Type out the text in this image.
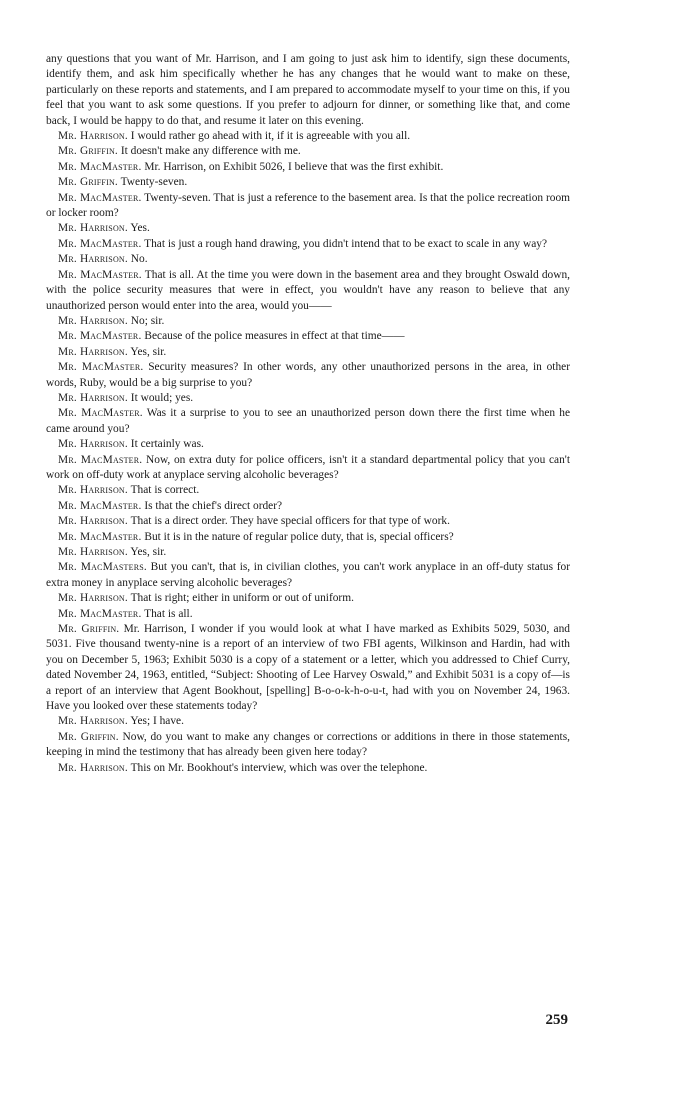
any questions that you want of Mr. Harrison, and I am going to just ask him to identify, sign these documents, identify them, and ask him specifically whether he has any changes that he would want to make on these, particularly on these reports and statements, and I am prepared to accommodate myself to your time on this, if you feel that you want to ask some questions. If you prefer to adjourn for dinner, or something like that, and come back, I would be happy to do that, and resume it later on this evening.

Mr. Harrison. I would rather go ahead with it, if it is agreeable with you all.

Mr. Griffin. It doesn't make any difference with me.

Mr. MacMaster. Mr. Harrison, on Exhibit 5026, I believe that was the first exhibit.

Mr. Griffin. Twenty-seven.

Mr. MacMaster. Twenty-seven. That is just a reference to the basement area. Is that the police recreation room or locker room?

Mr. Harrison. Yes.

Mr. MacMaster. That is just a rough hand drawing, you didn't intend that to be exact to scale in any way?

Mr. Harrison. No.

Mr. MacMaster. That is all. At the time you were down in the basement area and they brought Oswald down, with the police security measures that were in effect, you wouldn't have any reason to believe that any unauthorized person would enter into the area, would you——

Mr. Harrison. No; sir.

Mr. MacMaster. Because of the police measures in effect at that time——

Mr. Harrison. Yes, sir.

Mr. MacMaster. Security measures? In other words, any other unauthorized persons in the area, in other words, Ruby, would be a big surprise to you?

Mr. Harrison. It would; yes.

Mr. MacMaster. Was it a surprise to you to see an unauthorized person down there the first time when he came around you?

Mr. Harrison. It certainly was.

Mr. MacMaster. Now, on extra duty for police officers, isn't it a standard departmental policy that you can't work on off-duty work at anyplace serving alcoholic beverages?

Mr. Harrison. That is correct.

Mr. MacMaster. Is that the chief's direct order?

Mr. Harrison. That is a direct order. They have special officers for that type of work.

Mr. MacMaster. But it is in the nature of regular police duty, that is, special officers?

Mr. Harrison. Yes, sir.

Mr. MacMasters. But you can't, that is, in civilian clothes, you can't work anyplace in an off-duty status for extra money in anyplace serving alcoholic beverages?

Mr. Harrison. That is right; either in uniform or out of uniform.

Mr. MacMaster. That is all.

Mr. Griffin. Mr. Harrison, I wonder if you would look at what I have marked as Exhibits 5029, 5030, and 5031. Five thousand twenty-nine is a report of an interview of two FBI agents, Wilkinson and Hardin, had with you on December 5, 1963; Exhibit 5030 is a copy of a statement or a letter, which you addressed to Chief Curry, dated November 24, 1963, entitled, “Subject: Shooting of Lee Harvey Oswald,” and Exhibit 5031 is a copy of—is a report of an interview that Agent Bookhout, [spelling] B-o-o-k-h-o-u-t, had with you on November 24, 1963. Have you looked over these statements today?

Mr. Harrison. Yes; I have.

Mr. Griffin. Now, do you want to make any changes or corrections or additions in there in those statements, keeping in mind the testimony that has already been given here today?

Mr. Harrison. This on Mr. Bookhout's interview, which was over the telephone.

259
